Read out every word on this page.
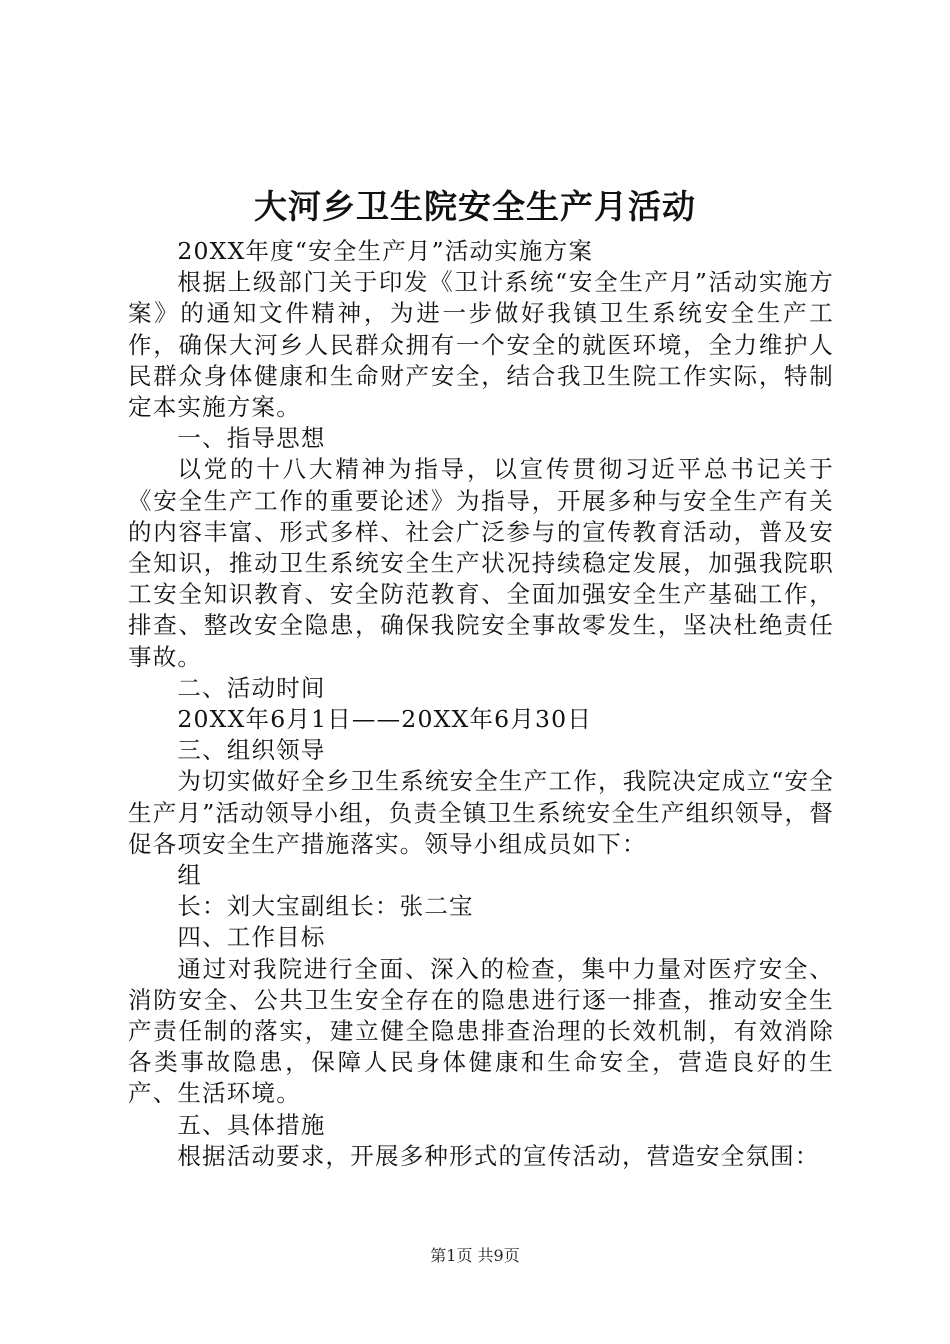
大河乡卫生院安全生产月活动

20XX年度“安全生产月”活动实施方案

根据上级部门关于印发《卫计系统“安全生产月”活动实施方案》的通知文件精神，为进一步做好我镇卫生系统安全生产工作，确保大河乡人民群众拥有一个安全的就医环境，全力维护人民群众身体健康和生命财产安全，结合我卫生院工作实际，特制定本实施方案。

一、指导思想

以党的十八大精神为指导，以宣传贯彻习近平总书记关于《安全生产工作的重要论述》为指导，开展多种与安全生产有关的内容丰富、形式多样、社会广泛参与的宣传教育活动，普及安全知识，推动卫生系统安全生产状况持续稳定发展，加强我院职工安全知识教育、安全防范教育、全面加强安全生产基础工作，排查、整改安全隐患，确保我院安全事故零发生，坚决杜绝责任事故。

二、活动时间

20XX年6月1日——20XX年6月30日

三、组织领导

为切实做好全乡卫生系统安全生产工作，我院决定成立“安全生产月”活动领导小组，负责全镇卫生系统安全生产组织领导，督促各项安全生产措施落实。领导小组成员如下：

组

长：刘大宝副组长：张二宝

四、工作目标

通过对我院进行全面、深入的检查，集中力量对医疗安全、消防安全、公共卫生安全存在的隐患进行逐一排查，推动安全生产责任制的落实，建立健全隐患排查治理的长效机制，有效消除各类事故隐患，保障人民身体健康和生命安全，营造良好的生产、生活环境。

五、具体措施

根据活动要求，开展多种形式的宣传活动，营造安全氛围：

第1页 共9页
